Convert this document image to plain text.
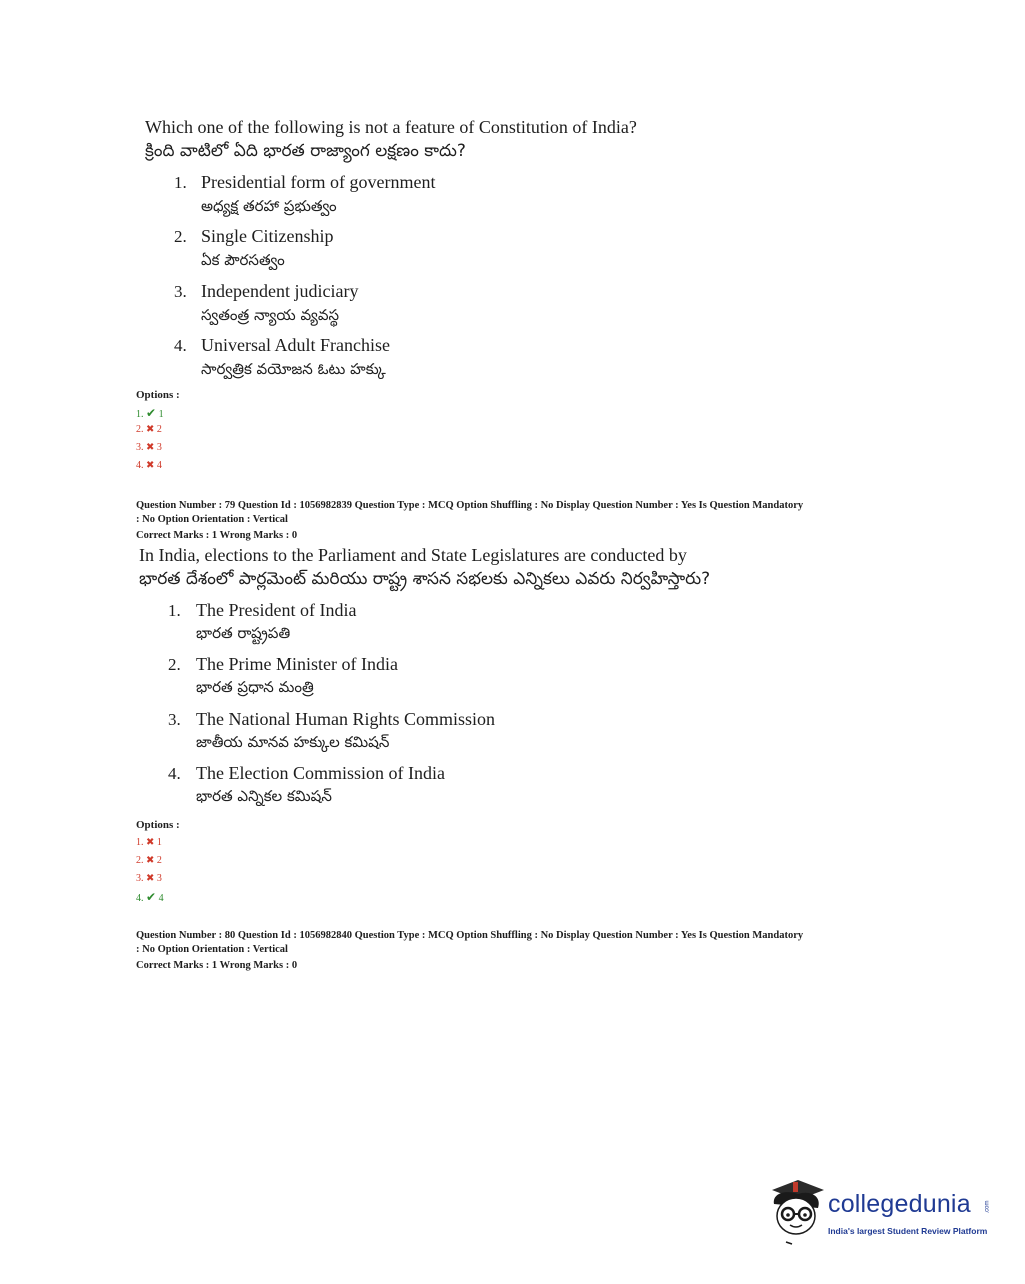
Which one of the following is not a feature of Constitution of India?
క్రింది వాటిలో ఏది భారత రాజ్యాంగ లక్షణం కాదు?
1. Presidential form of government
అధ్యక్ష తరహా ప్రభుత్వం
2. Single Citizenship
ఏక పౌరసత్వం
3. Independent judiciary
స్వతంత్ర న్యాయ వ్యవస్థ
4. Universal Adult Franchise
సార్వత్రిక వయోజన ఓటు హక్కు
Options :
1. ✔ 1
2. ✖ 2
3. ✖ 3
4. ✖ 4
Question Number : 79 Question Id : 1056982839 Question Type : MCQ Option Shuffling : No Display Question Number : Yes Is Question Mandatory
: No Option Orientation : Vertical
Correct Marks : 1 Wrong Marks : 0
In India, elections to the Parliament and State Legislatures are conducted by
భారత దేశంలో పార్లమెంట్ మరియు రాష్ట్ర శాసన సభలకు ఎన్నికలు ఎవరు నిర్వహిస్తారు?
1. The President of India
భారత రాష్ట్రపతి
2. The Prime Minister of India
భారత ప్రధాన మంత్రి
3. The National Human Rights Commission
జాతీయ మానవ హక్కుల కమిషన్
4. The Election Commission of India
భారత ఎన్నికల కమిషన్
Options :
1. ✖ 1
2. ✖ 2
3. ✖ 3
4. ✔ 4
Question Number : 80 Question Id : 1056982840 Question Type : MCQ Option Shuffling : No Display Question Number : Yes Is Question Mandatory
: No Option Orientation : Vertical
Correct Marks : 1 Wrong Marks : 0
collegedunia .com
India's largest Student Review Platform
